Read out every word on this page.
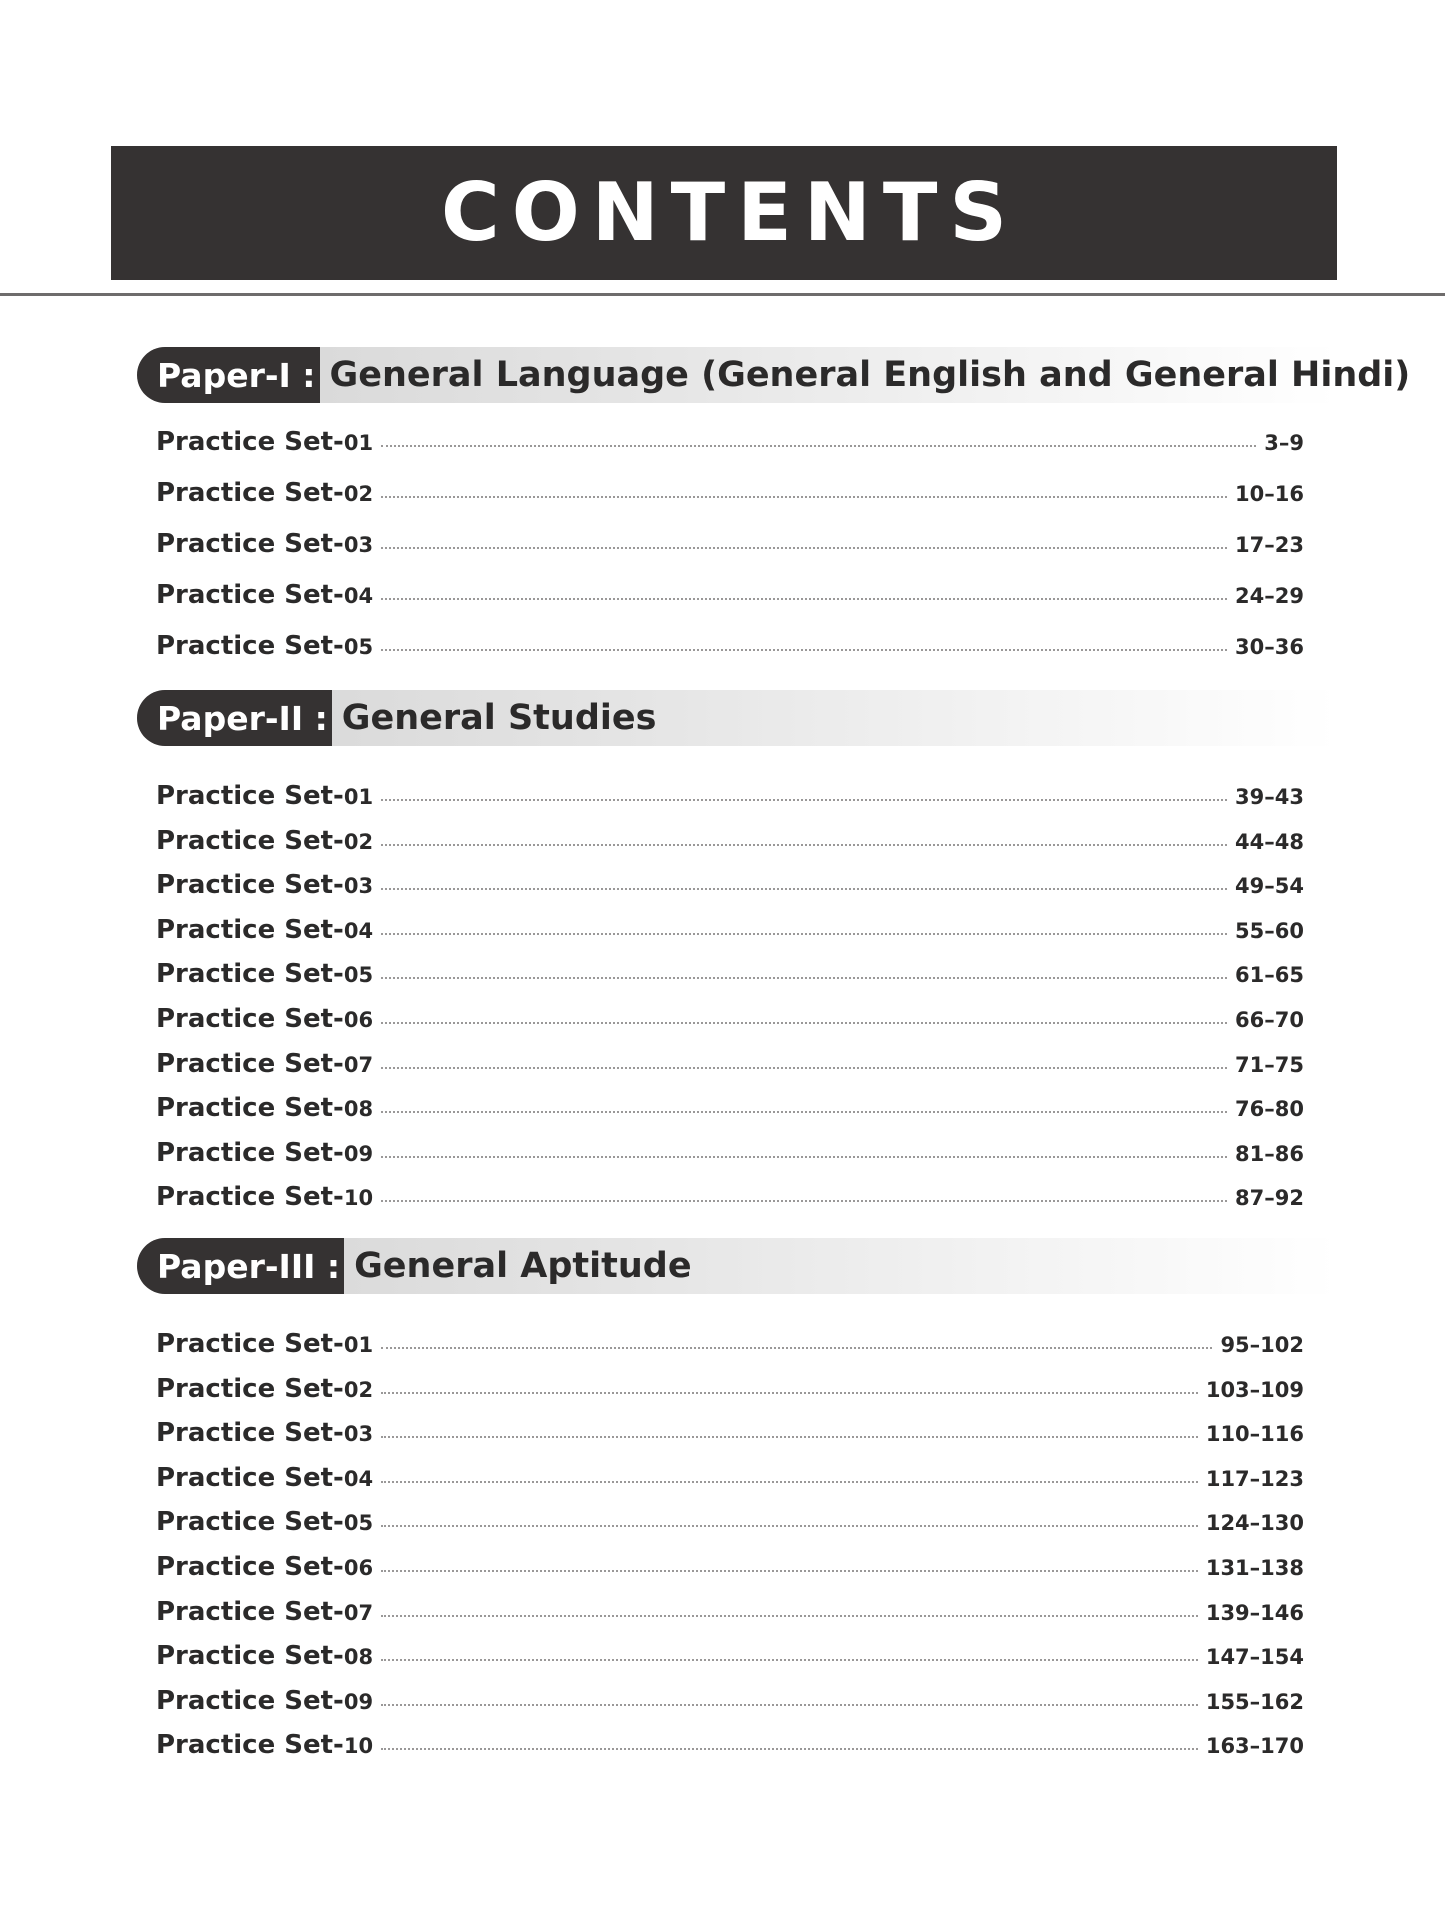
CONTENTS
Paper-I : General Language (General English and General Hindi)
Practice Set-01	3–9
Practice Set-02	10–16
Practice Set-03	17–23
Practice Set-04	24–29
Practice Set-05	30–36
Paper-II : General Studies
Practice Set-01	39–43
Practice Set-02	44–48
Practice Set-03	49–54
Practice Set-04	55–60
Practice Set-05	61–65
Practice Set-06	66–70
Practice Set-07	71–75
Practice Set-08	76–80
Practice Set-09	81–86
Practice Set-10	87–92
Paper-III : General Aptitude
Practice Set-01	95–102
Practice Set-02	103–109
Practice Set-03	110–116
Practice Set-04	117–123
Practice Set-05	124–130
Practice Set-06	131–138
Practice Set-07	139–146
Practice Set-08	147–154
Practice Set-09	155–162
Practice Set-10	163–170
